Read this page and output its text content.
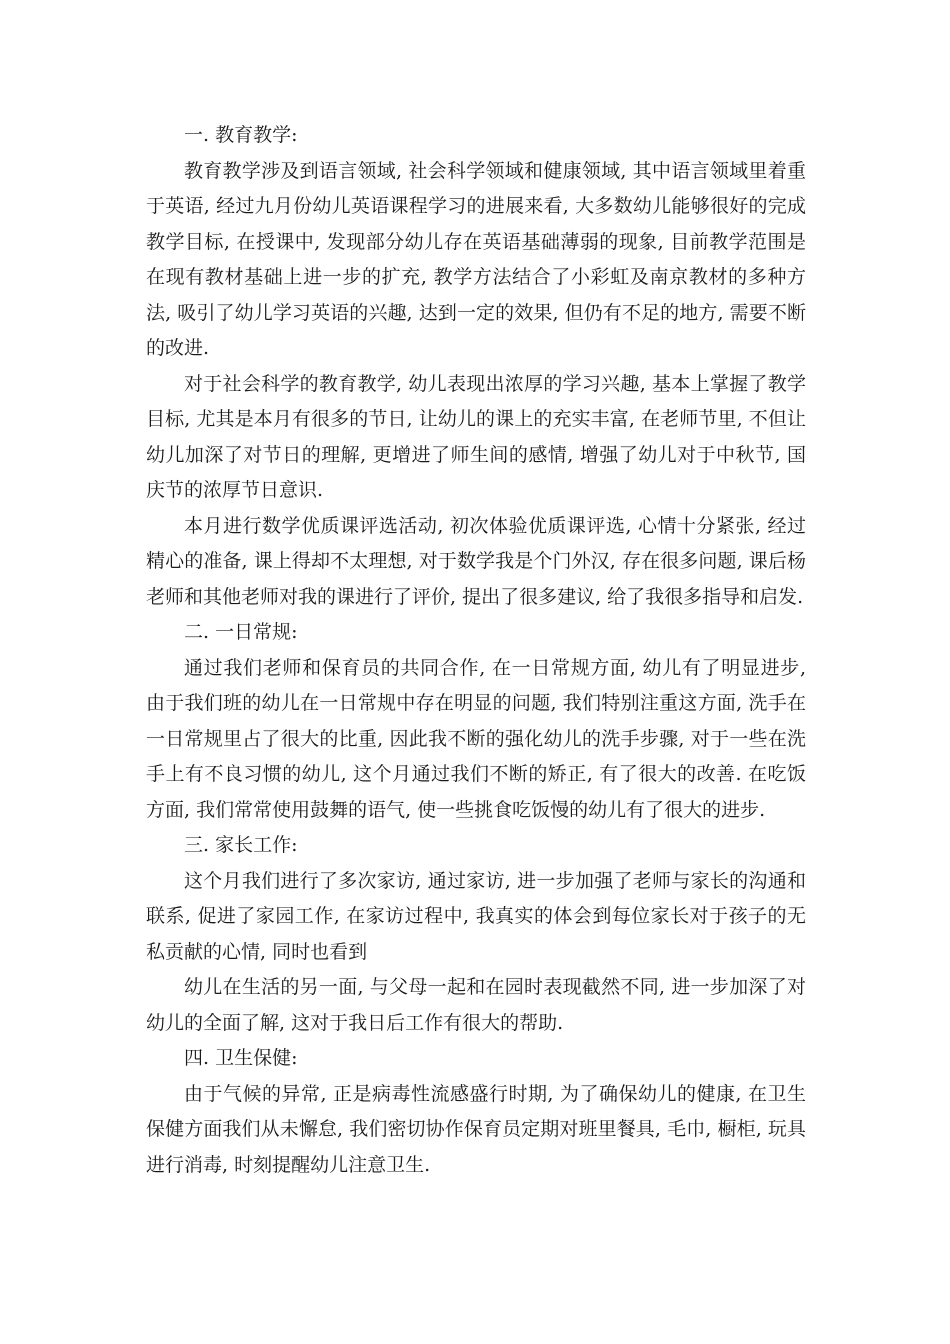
一. 教育教学:

教育教学涉及到语言领域, 社会科学领域和健康领域, 其中语言领域里着重于英语, 经过九月份幼儿英语课程学习的进展来看, 大多数幼儿能够很好的完成教学目标, 在授课中, 发现部分幼儿存在英语基础薄弱的现象, 目前教学范围是在现有教材基础上进一步的扩充, 教学方法结合了小彩虹及南京教材的多种方法, 吸引了幼儿学习英语的兴趣, 达到一定的效果, 但仍有不足的地方, 需要不断的改进.

对于社会科学的教育教学, 幼儿表现出浓厚的学习兴趣, 基本上掌握了教学目标, 尤其是本月有很多的节日, 让幼儿的课上的充实丰富, 在老师节里, 不但让幼儿加深了对节日的理解, 更增进了师生间的感情, 增强了幼儿对于中秋节, 国庆节的浓厚节日意识.

本月进行数学优质课评选活动, 初次体验优质课评选, 心情十分紧张, 经过精心的准备, 课上得却不太理想, 对于数学我是个门外汉, 存在很多问题, 课后杨老师和其他老师对我的课进行了评价, 提出了很多建议, 给了我很多指导和启发.

二. 一日常规:

通过我们老师和保育员的共同合作, 在一日常规方面, 幼儿有了明显进步, 由于我们班的幼儿在一日常规中存在明显的问题, 我们特别注重这方面, 洗手在一日常规里占了很大的比重, 因此我不断的强化幼儿的洗手步骤, 对于一些在洗手上有不良习惯的幼儿, 这个月通过我们不断的矫正, 有了很大的改善. 在吃饭方面, 我们常常使用鼓舞的语气, 使一些挑食吃饭慢的幼儿有了很大的进步.

三. 家长工作:

这个月我们进行了多次家访, 通过家访, 进一步加强了老师与家长的沟通和联系, 促进了家园工作, 在家访过程中, 我真实的体会到每位家长对于孩子的无私贡献的心情, 同时也看到

幼儿在生活的另一面, 与父母一起和在园时表现截然不同, 进一步加深了对幼儿的全面了解, 这对于我日后工作有很大的帮助.

四. 卫生保健:

由于气候的异常, 正是病毒性流感盛行时期, 为了确保幼儿的健康, 在卫生保健方面我们从未懈怠, 我们密切协作保育员定期对班里餐具, 毛巾, 橱柜, 玩具进行消毒, 时刻提醒幼儿注意卫生.
